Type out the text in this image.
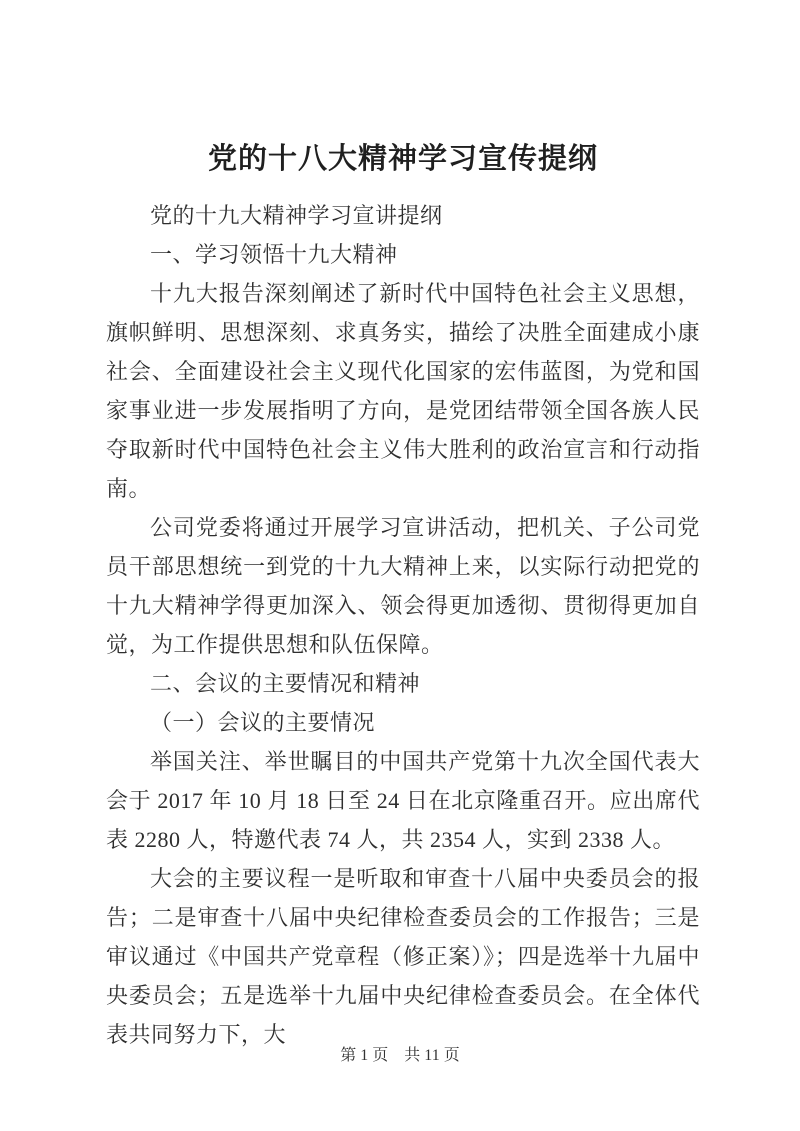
党的十八大精神学习宣传提纲

党的十九大精神学习宣讲提纲

一、学习领悟十九大精神

十九大报告深刻阐述了新时代中国特色社会主义思想，旗帜鲜明、思想深刻、求真务实，描绘了决胜全面建成小康社会、全面建设社会主义现代化国家的宏伟蓝图，为党和国家事业进一步发展指明了方向，是党团结带领全国各族人民夺取新时代中国特色社会主义伟大胜利的政治宣言和行动指南。

公司党委将通过开展学习宣讲活动，把机关、子公司党员干部思想统一到党的十九大精神上来，以实际行动把党的十九大精神学得更加深入、领会得更加透彻、贯彻得更加自觉，为工作提供思想和队伍保障。

二、会议的主要情况和精神

（一）会议的主要情况

举国关注、举世瞩目的中国共产党第十九次全国代表大会于 2017 年 10 月 18 日至 24 日在北京隆重召开。应出席代表 2280 人，特邀代表 74 人，共 2354 人，实到 2338 人。

大会的主要议程一是听取和审查十八届中央委员会的报告；二是审查十八届中央纪律检查委员会的工作报告；三是审议通过《中国共产党章程（修正案）》；四是选举十九届中央委员会；五是选举十九届中央纪律检查委员会。在全体代表共同努力下，大

第 1 页 共 11 页
